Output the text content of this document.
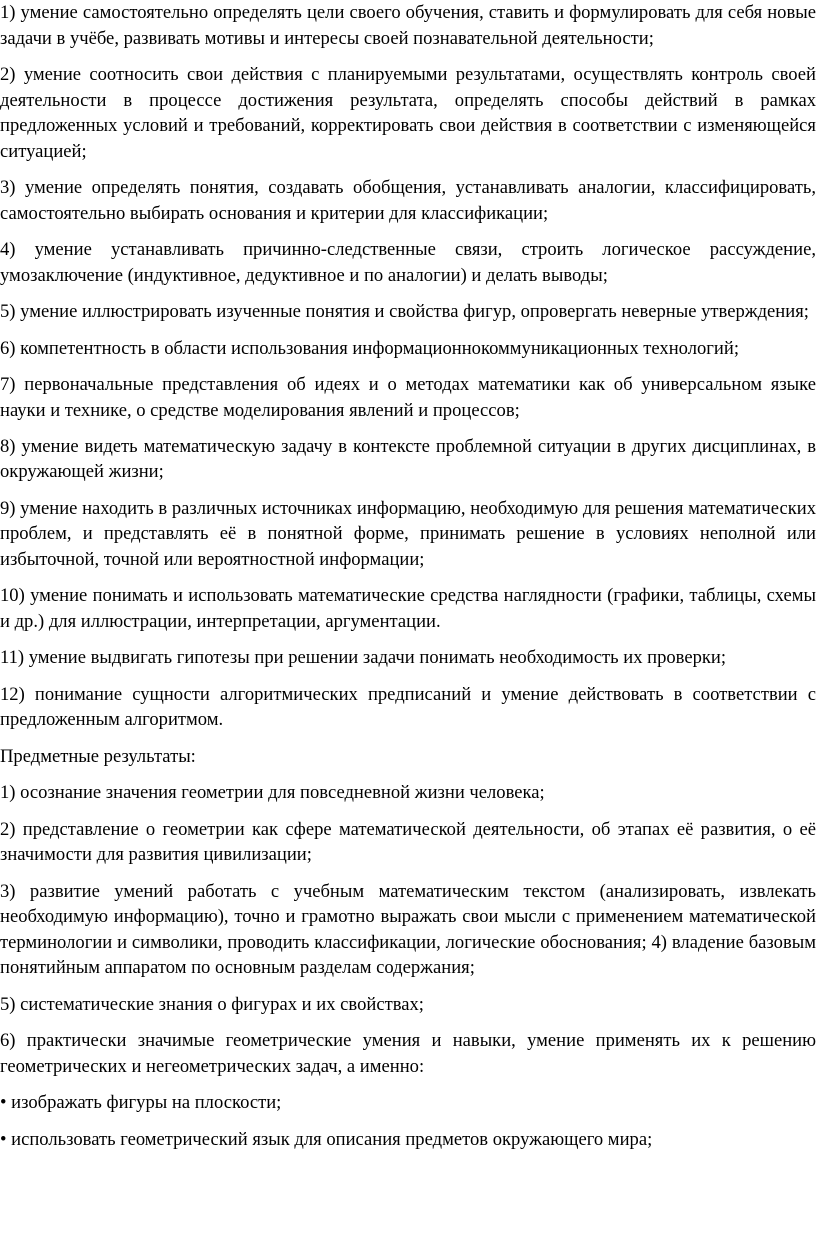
1) умение самостоятельно определять цели своего обучения, ставить и формулировать для себя новые задачи в учёбе, развивать мотивы и интересы своей познавательной деятельности;

2) умение соотносить свои действия с планируемыми результатами, осуществлять контроль своей деятельности в процессе достижения результата, определять способы действий в рамках предложенных условий и требований, корректировать свои действия в соответствии с изменяющейся ситуацией;

3) умение определять понятия, создавать обобщения, устанавливать аналогии, классифицировать, самостоятельно выбирать основания и критерии для классификации;

4) умение устанавливать причинно-следственные связи, строить логическое рассуждение, умозаключение (индуктивное, дедуктивное и по аналогии) и делать выводы;

5) умение иллюстрировать изученные понятия и свойства фигур, опровергать неверные утверждения;

6) компетентность в области использования информационнокоммуникационных технологий;

7) первоначальные представления об идеях и о методах математики как об универсальном языке науки и технике, о средстве моделирования явлений и процессов;

8) умение видеть математическую задачу в контексте проблемной ситуации в других дисциплинах, в окружающей жизни;

9) умение находить в различных источниках информацию, необходимую для решения математических проблем, и представлять её в понятной форме, принимать решение в условиях неполной или избыточной, точной или вероятностной информации;

10) умение понимать и использовать математические средства наглядности (графики, таблицы, схемы и др.) для иллюстрации, интерпретации, аргументации.

11) умение выдвигать гипотезы при решении задачи понимать необходимость их проверки;

12) понимание сущности алгоритмических предписаний и умение действовать в соответствии с предложенным алгоритмом.

Предметные результаты:

1) осознание значения геометрии для повседневной жизни человека;

2) представление о геометрии как сфере математической деятельности, об этапах её развития, о её значимости для развития цивилизации;

3) развитие умений работать с учебным математическим текстом (анализировать, извлекать необходимую информацию), точно и грамотно выражать свои мысли с применением математической терминологии и символики, проводить классификации, логические обоснования; 4) владение базовым понятийным аппаратом по основным разделам содержания;

5) систематические знания о фигурах и их свойствах;

6) практически значимые геометрические умения и навыки, умение применять их к решению геометрических и негеометрических задач, а именно:

• изображать фигуры на плоскости;

• использовать геометрический язык для описания предметов окружающего мира;
